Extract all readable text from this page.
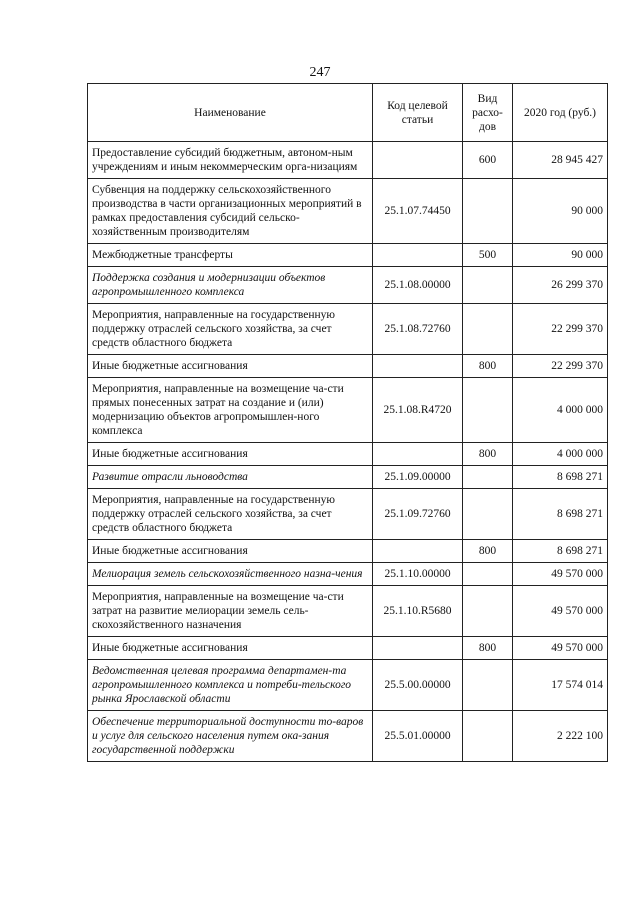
247
Наименование	Код целевой статьи	Вид расхо-дов	2020 год (руб.)
Предоставление субсидий бюджетным, автоном-ным учреждениям и иным некоммерческим орга-низациям		600	28 945 427
Субвенция на поддержку сельскохозяйственного производства в части организационных мероприятий в рамках предоставления субсидий сельско-хозяйственным производителям	25.1.07.74450		90 000
Межбюджетные трансферты		500	90 000
Поддержка создания и модернизации объектов агропромышленного комплекса	25.1.08.00000		26 299 370
Мероприятия, направленные на государственную поддержку отраслей сельского хозяйства, за счет средств областного бюджета	25.1.08.72760		22 299 370
Иные бюджетные ассигнования		800	22 299 370
Мероприятия, направленные на возмещение ча-сти прямых понесенных затрат на создание и (или) модернизацию объектов агропромышлен-ного комплекса	25.1.08.R4720		4 000 000
Иные бюджетные ассигнования		800	4 000 000
Развитие отрасли льноводства	25.1.09.00000		8 698 271
Мероприятия, направленные на государственную поддержку отраслей сельского хозяйства, за счет средств областного бюджета	25.1.09.72760		8 698 271
Иные бюджетные ассигнования		800	8 698 271
Мелиорация земель сельскохозяйственного назна-чения	25.1.10.00000		49 570 000
Мероприятия, направленные на возмещение ча-сти затрат на развитие мелиорации земель сель-скохозяйственного назначения	25.1.10.R5680		49 570 000
Иные бюджетные ассигнования		800	49 570 000
Ведомственная целевая программа департамен-та агропромышленного комплекса и потреби-тельского рынка Ярославской области	25.5.00.00000		17 574 014
Обеспечение территориальной доступности то-варов и услуг для сельского населения путем ока-зания государственной поддержки	25.5.01.00000		2 222 100
